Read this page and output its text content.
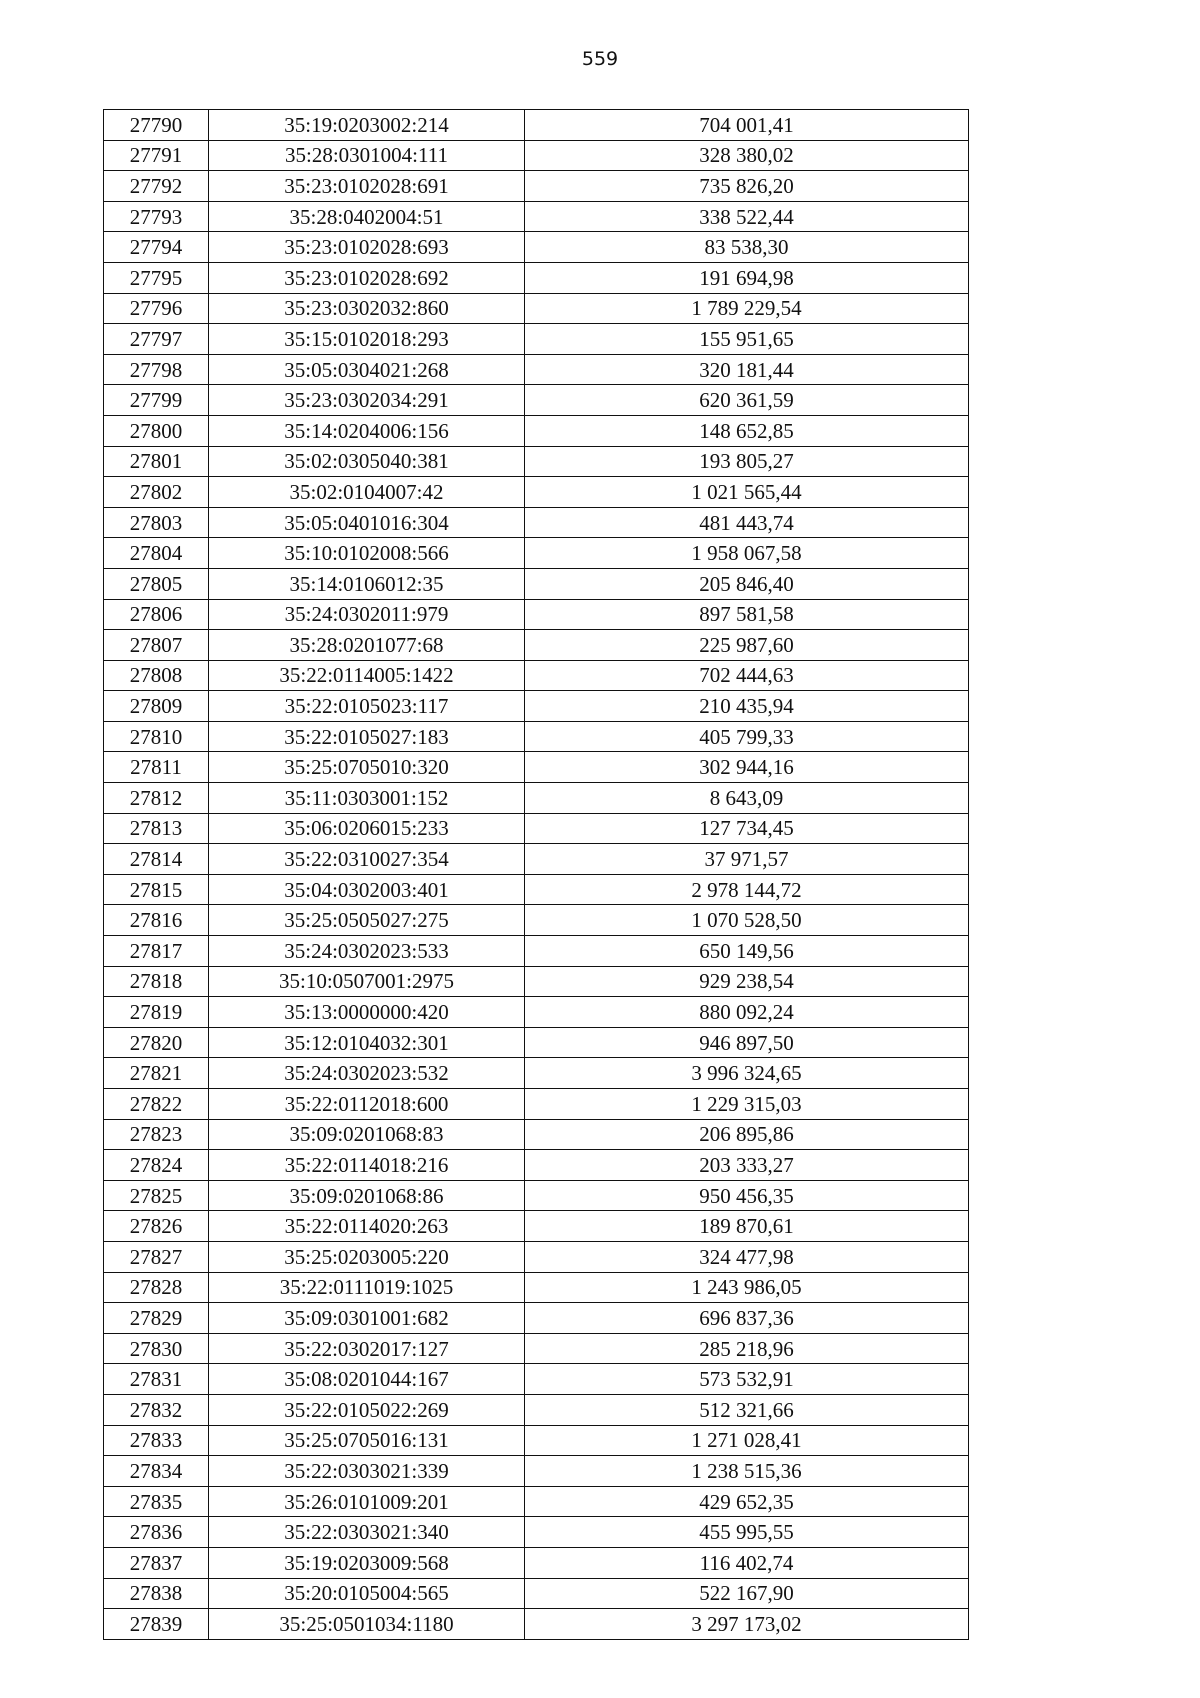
559
27790	35:19:0203002:214	704 001,41
27791	35:28:0301004:111	328 380,02
27792	35:23:0102028:691	735 826,20
27793	35:28:0402004:51	338 522,44
27794	35:23:0102028:693	83 538,30
27795	35:23:0102028:692	191 694,98
27796	35:23:0302032:860	1 789 229,54
27797	35:15:0102018:293	155 951,65
27798	35:05:0304021:268	320 181,44
27799	35:23:0302034:291	620 361,59
27800	35:14:0204006:156	148 652,85
27801	35:02:0305040:381	193 805,27
27802	35:02:0104007:42	1 021 565,44
27803	35:05:0401016:304	481 443,74
27804	35:10:0102008:566	1 958 067,58
27805	35:14:0106012:35	205 846,40
27806	35:24:0302011:979	897 581,58
27807	35:28:0201077:68	225 987,60
27808	35:22:0114005:1422	702 444,63
27809	35:22:0105023:117	210 435,94
27810	35:22:0105027:183	405 799,33
27811	35:25:0705010:320	302 944,16
27812	35:11:0303001:152	8 643,09
27813	35:06:0206015:233	127 734,45
27814	35:22:0310027:354	37 971,57
27815	35:04:0302003:401	2 978 144,72
27816	35:25:0505027:275	1 070 528,50
27817	35:24:0302023:533	650 149,56
27818	35:10:0507001:2975	929 238,54
27819	35:13:0000000:420	880 092,24
27820	35:12:0104032:301	946 897,50
27821	35:24:0302023:532	3 996 324,65
27822	35:22:0112018:600	1 229 315,03
27823	35:09:0201068:83	206 895,86
27824	35:22:0114018:216	203 333,27
27825	35:09:0201068:86	950 456,35
27826	35:22:0114020:263	189 870,61
27827	35:25:0203005:220	324 477,98
27828	35:22:0111019:1025	1 243 986,05
27829	35:09:0301001:682	696 837,36
27830	35:22:0302017:127	285 218,96
27831	35:08:0201044:167	573 532,91
27832	35:22:0105022:269	512 321,66
27833	35:25:0705016:131	1 271 028,41
27834	35:22:0303021:339	1 238 515,36
27835	35:26:0101009:201	429 652,35
27836	35:22:0303021:340	455 995,55
27837	35:19:0203009:568	116 402,74
27838	35:20:0105004:565	522 167,90
27839	35:25:0501034:1180	3 297 173,02
